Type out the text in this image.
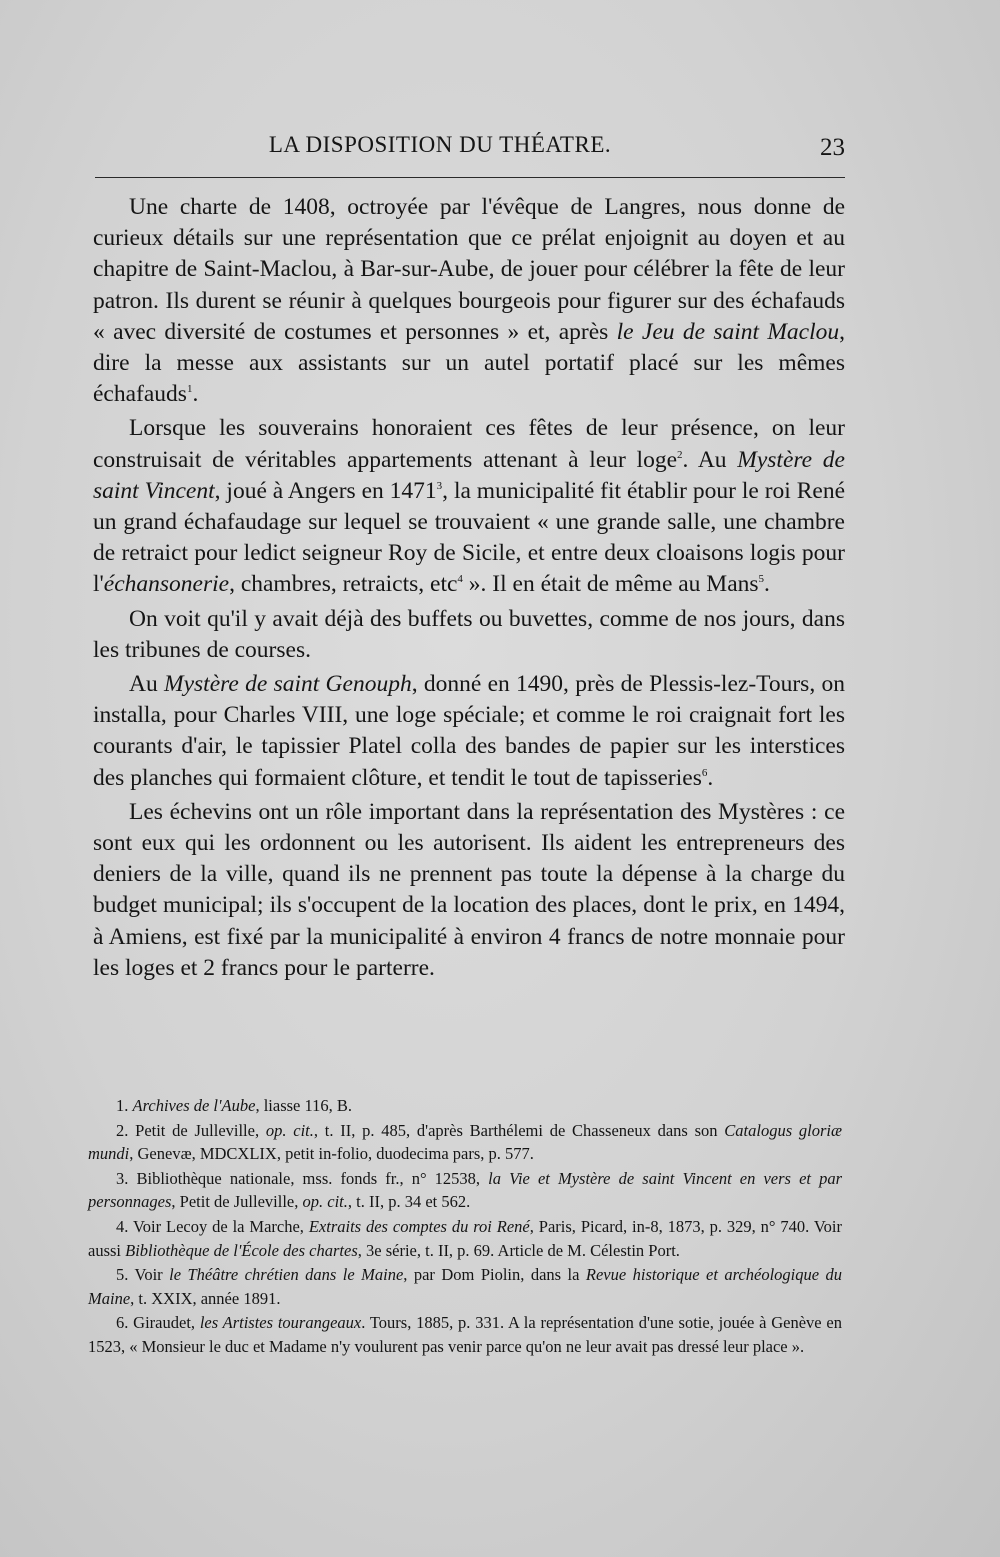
LA DISPOSITION DU THÉATRE.	23

Une charte de 1408, octroyée par l'évêque de Langres, nous donne de curieux détails sur une représentation que ce prélat enjoignit au doyen et au chapitre de Saint-Maclou, à Bar-sur-Aube, de jouer pour célébrer la fête de leur patron. Ils durent se réunir à quelques bourgeois pour figurer sur des échafauds « avec diversité de costumes et personnes » et, après le Jeu de saint Maclou, dire la messe aux assistants sur un autel portatif placé sur les mêmes échafauds$^1$.

Lorsque les souverains honoraient ces fêtes de leur présence, on leur construisait de véritables appartements attenant à leur loge$^2$. Au Mystère de saint Vincent, joué à Angers en 1471$^3$, la municipalité fit établir pour le roi René un grand échafaudage sur lequel se trouvaient « une grande salle, une chambre de retraict pour ledict seigneur Roy de Sicile, et entre deux cloaisons logis pour l'échansonerie, chambres, retraicts, etc$^4$ ». Il en était de même au Mans$^5$.

On voit qu'il y avait déjà des buffets ou buvettes, comme de nos jours, dans les tribunes de courses.

Au Mystère de saint Genouph, donné en 1490, près de Plessis-lez-Tours, on installa, pour Charles VIII, une loge spéciale; et comme le roi craignait fort les courants d'air, le tapissier Platel colla des bandes de papier sur les interstices des planches qui formaient clôture, et tendit le tout de tapisseries$^6$.

Les échevins ont un rôle important dans la représentation des Mystères : ce sont eux qui les ordonnent ou les autorisent. Ils aident les entrepreneurs des deniers de la ville, quand ils ne prennent pas toute la dépense à la charge du budget municipal; ils s'occupent de la location des places, dont le prix, en 1494, à Amiens, est fixé par la municipalité à environ 4 francs de notre monnaie pour les loges et 2 francs pour le parterre.

1. Archives de l'Aube, liasse 116, B.

2. Petit de Julleville, op. cit., t. II, p. 485, d'après Barthélemi de Chasseneux dans son Catalogus gloriæ mundi, Genevæ, MDCXLIX, petit in-folio, duodecima pars, p. 577.

3. Bibliothèque nationale, mss. fonds fr., n° 12538, la Vie et Mystère de saint Vincent en vers et par personnages, Petit de Julleville, op. cit., t. II, p. 34 et 562.

4. Voir Lecoy de la Marche, Extraits des comptes du roi René, Paris, Picard, in-8, 1873, p. 329, n° 740. Voir aussi Bibliothèque de l'École des chartes, 3e série, t. II, p. 69. Article de M. Célestin Port.

5. Voir le Théâtre chrétien dans le Maine, par Dom Piolin, dans la Revue historique et archéologique du Maine, t. XXIX, année 1891.

6. Giraudet, les Artistes tourangeaux. Tours, 1885, p. 331. A la représentation d'une sotie, jouée à Genève en 1523, « Monsieur le duc et Madame n'y voulurent pas venir parce qu'on ne leur avait pas dressé leur place ».
